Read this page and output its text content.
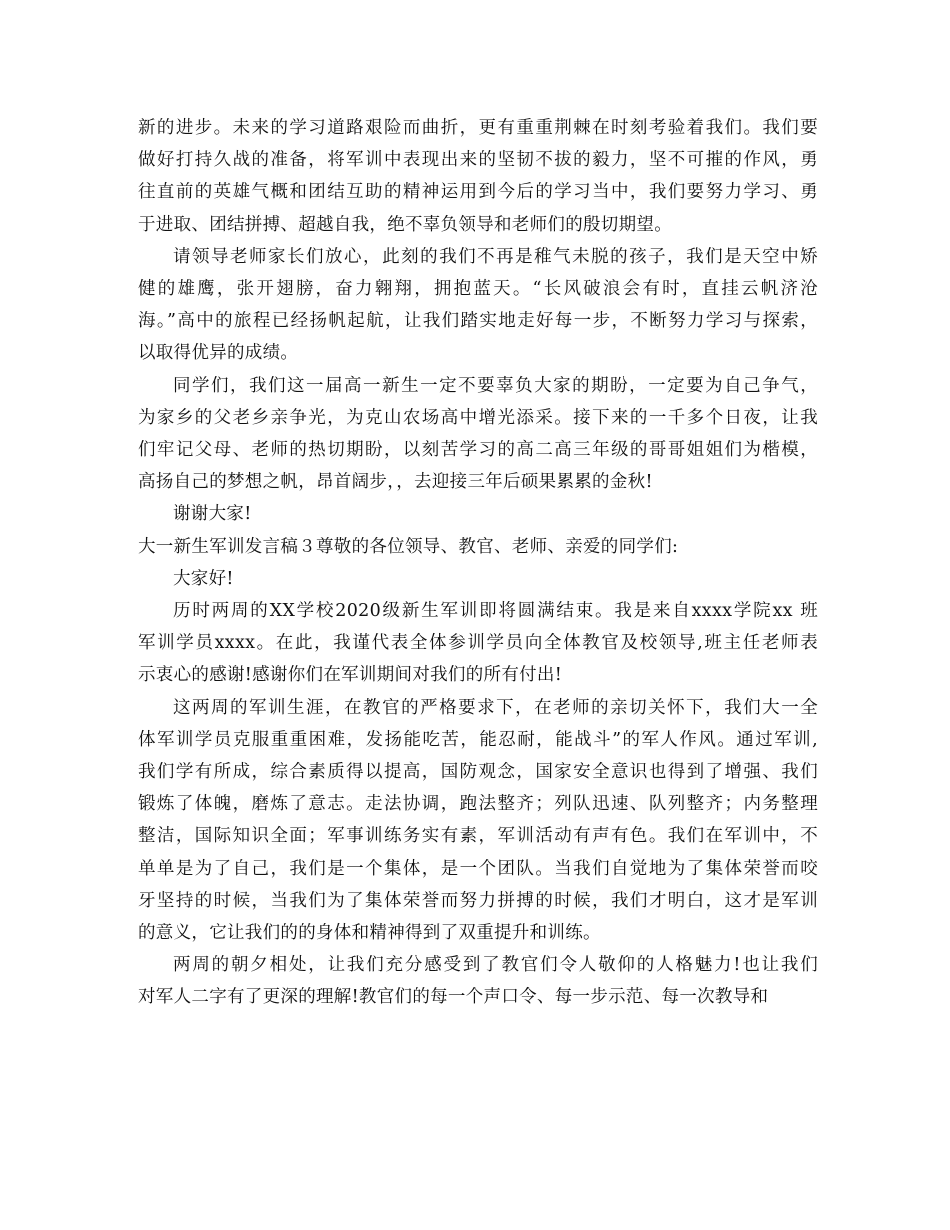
新的进步。未来的学习道路艰险而曲折，更有重重荆棘在时刻考验着我们。我们要
做好打持久战的准备，将军训中表现出来的坚韧不拔的毅力，坚不可摧的作风，勇
往直前的英雄气概和团结互助的精神运用到今后的学习当中，我们要努力学习、勇
于进取、团结拼搏、超越自我，绝不辜负领导和老师们的殷切期望。
请领导老师家长们放心，此刻的我们不再是稚气未脱的孩子，我们是天空中矫
健的雄鹰，张开翅膀，奋力翱翔，拥抱蓝天。“长风破浪会有时，直挂云帆济沧
海。”高中的旅程已经扬帆起航，让我们踏实地走好每一步，不断努力学习与探索，
以取得优异的成绩。
同学们，我们这一届高一新生一定不要辜负大家的期盼，一定要为自己争气，
为家乡的父老乡亲争光，为克山农场高中增光添采。接下来的一千多个日夜，让我
们牢记父母、老师的热切期盼，以刻苦学习的高二高三年级的哥哥姐姐们为楷模，
高扬自己的梦想之帆，昂首阔步，，去迎接三年后硕果累累的金秋!
谢谢大家!
大一新生军训发言稿３尊敬的各位领导、教官、老师、亲爱的同学们:
大家好!
历时两周的XX学校2020级新生军训即将圆满结束。我是来自xxxx学院xx 班
军训学员xxxx。在此，我谨代表全体参训学员向全体教官及校领导,班主任老师表
示衷心的感谢!感谢你们在军训期间对我们的所有付出!
这两周的军训生涯，在教官的严格要求下，在老师的亲切关怀下，我们大一全
体军训学员克服重重困难，发扬能吃苦，能忍耐，能战斗”的军人作风。通过军训,
我们学有所成，综合素质得以提高，国防观念，国家安全意识也得到了增强、我们
锻炼了体魄，磨炼了意志。走法协调，跑法整齐；列队迅速、队列整齐；内务整理
整洁，国际知识全面；军事训练务实有素，军训活动有声有色。我们在军训中，不
单单是为了自己，我们是一个集体，是一个团队。当我们自觉地为了集体荣誉而咬
牙坚持的时候，当我们为了集体荣誉而努力拼搏的时候，我们才明白，这才是军训
的意义，它让我们的的身体和精神得到了双重提升和训练。
两周的朝夕相处，让我们充分感受到了教官们令人敬仰的人格魅力!也让我们
对军人二字有了更深的理解!教官们的每一个声口令、每一步示范、每一次教导和
